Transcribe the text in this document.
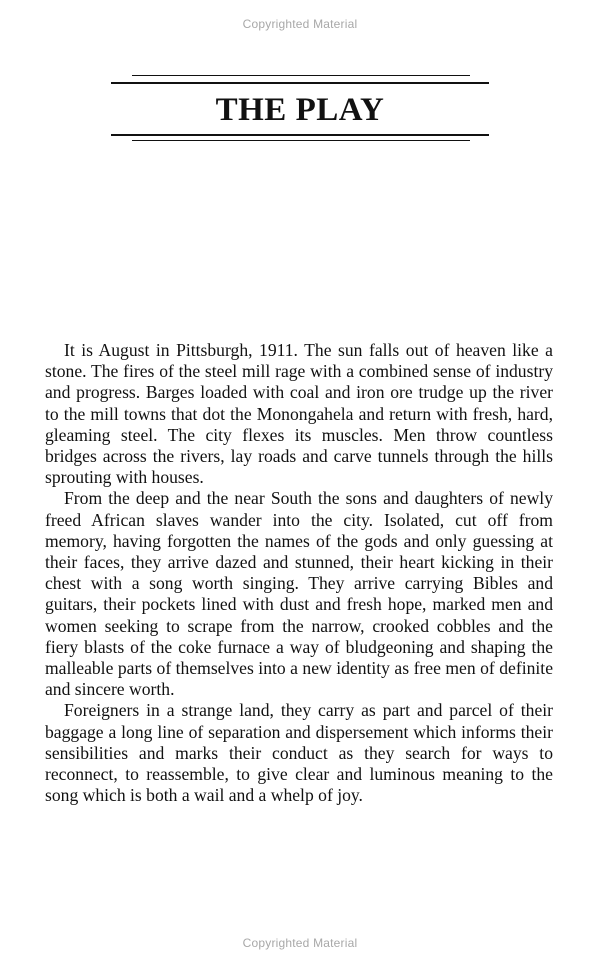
Copyrighted Material
THE PLAY

It is August in Pittsburgh, 1911. The sun falls out of heaven like a stone. The fires of the steel mill rage with a combined sense of industry and progress. Barges loaded with coal and iron ore trudge up the river to the mill towns that dot the Monongahela and return with fresh, hard, gleaming steel. The city flexes its muscles. Men throw countless bridges across the rivers, lay roads and carve tunnels through the hills sprouting with houses.

From the deep and the near South the sons and daughters of newly freed African slaves wander into the city. Isolated, cut off from memory, having forgotten the names of the gods and only guessing at their faces, they arrive dazed and stunned, their heart kicking in their chest with a song worth singing. They arrive carrying Bibles and guitars, their pockets lined with dust and fresh hope, marked men and women seeking to scrape from the narrow, crooked cobbles and the fiery blasts of the coke furnace a way of bludgeoning and shaping the malleable parts of themselves into a new identity as free men of definite and sincere worth.

Foreigners in a strange land, they carry as part and parcel of their baggage a long line of separation and dispersement which informs their sensibilities and marks their conduct as they search for ways to reconnect, to reassemble, to give clear and luminous meaning to the song which is both a wail and a whelp of joy.

Copyrighted Material
